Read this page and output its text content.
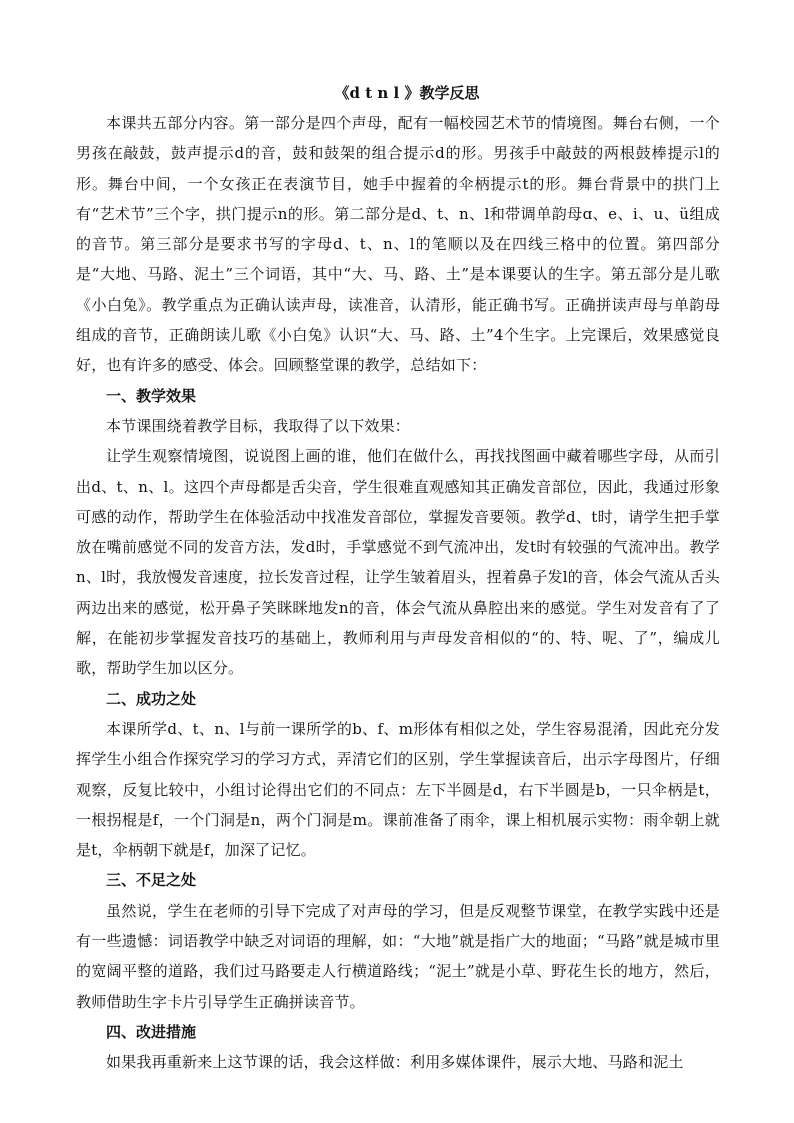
《d t n l 》教学反思

本课共五部分内容。第一部分是四个声母，配有一幅校园艺术节的情境图。舞台右侧，一个男孩在敲鼓，鼓声提示d的音，鼓和鼓架的组合提示d的形。男孩手中敲鼓的两根鼓棒提示l的形。舞台中间，一个女孩正在表演节目，她手中握着的伞柄提示t的形。舞台背景中的拱门上有“艺术节”三个字，拱门提示n的形。第二部分是d、t、n、l和带调单韵母ɑ、e、i、u、ü组成的音节。第三部分是要求书写的字母d、t、n、l的笔顺以及在四线三格中的位置。第四部分是“大地、马路、泥土”三个词语，其中“大、马、路、土”是本课要认的生字。第五部分是儿歌《小白兔》。教学重点为正确认读声母，读准音，认清形，能正确书写。正确拼读声母与单韵母组成的音节，正确朗读儿歌《小白兔》认识“大、马、路、土”4个生字。上完课后，效果感觉良好，也有许多的感受、体会。回顾整堂课的教学，总结如下：

一、教学效果

本节课围绕着教学目标，我取得了以下效果：

让学生观察情境图，说说图上画的谁，他们在做什么，再找找图画中藏着哪些字母，从而引出d、t、n、l。这四个声母都是舌尖音，学生很难直观感知其正确发音部位，因此，我通过形象可感的动作，帮助学生在体验活动中找准发音部位，掌握发音要领。教学d、t时，请学生把手掌放在嘴前感觉不同的发音方法，发d时，手掌感觉不到气流冲出，发t时有较强的气流冲出。教学n、l时，我放慢发音速度，拉长发音过程，让学生皱着眉头，捏着鼻子发l的音，体会气流从舌头两边出来的感觉，松开鼻子笑眯眯地发n的音，体会气流从鼻腔出来的感觉。学生对发音有了了解，在能初步掌握发音技巧的基础上，教师利用与声母发音相似的“的、特、呢、了”，编成儿歌，帮助学生加以区分。

二、成功之处

本课所学d、t、n、l与前一课所学的b、f、m形体有相似之处，学生容易混淆，因此充分发挥学生小组合作探究学习的学习方式，弄清它们的区别，学生掌握读音后，出示字母图片，仔细观察，反复比较中，小组讨论得出它们的不同点：左下半圆是d，右下半圆是b，一只伞柄是t，一根拐棍是f，一个门洞是n，两个门洞是m。课前准备了雨伞，课上相机展示实物：雨伞朝上就是t，伞柄朝下就是f，加深了记忆。

三、不足之处

虽然说，学生在老师的引导下完成了对声母的学习，但是反观整节课堂，在教学实践中还是有一些遗憾：词语教学中缺乏对词语的理解，如：“大地”就是指广大的地面；“马路”就是城市里的宽阔平整的道路，我们过马路要走人行横道路线；“泥土”就是小草、野花生长的地方，然后，教师借助生字卡片引导学生正确拼读音节。

四、改进措施

如果我再重新来上这节课的话，我会这样做：利用多媒体课件，展示大地、马路和泥土
